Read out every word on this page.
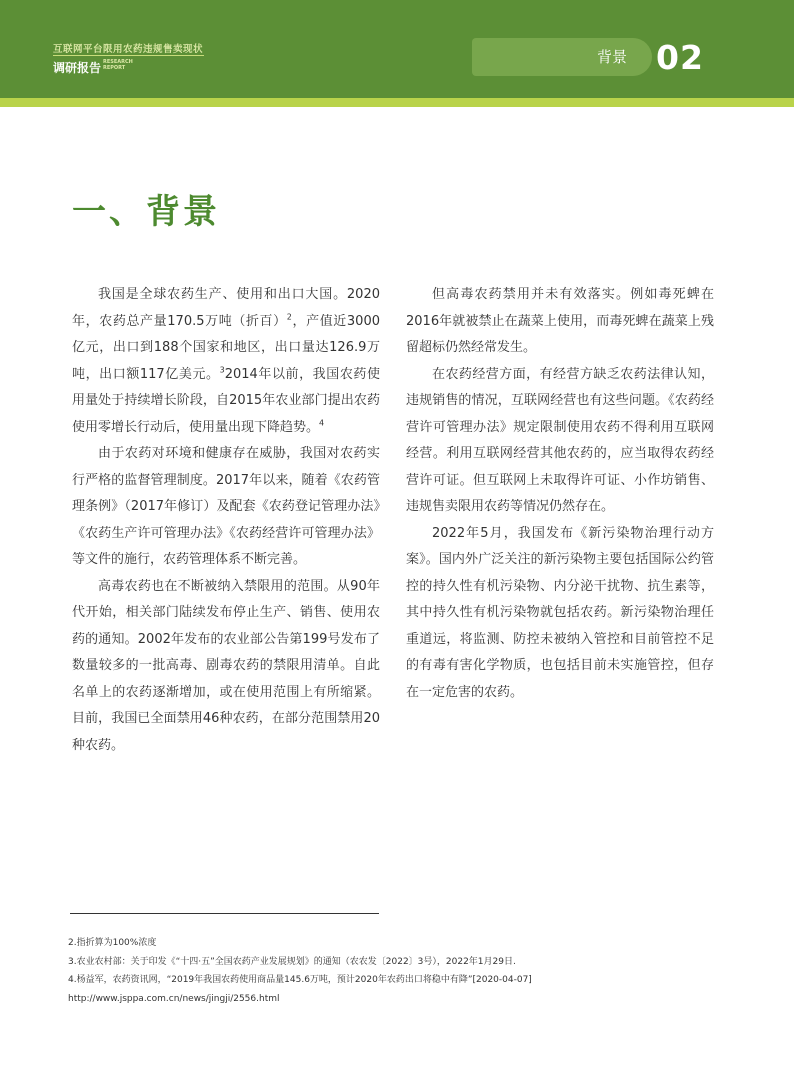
互联网平台限用农药违规售卖现状
调研报告 RESEARCH REPORT
背景 02
一、背景

我国是全球农药生产、使用和出口大国。2020年，农药总产量170.5万吨（折百）$^2$，产值近3000亿元，出口到188个国家和地区，出口量达126.9万吨，出口额117亿美元。$^3$2014年以前，我国农药使用量处于持续增长阶段，自2015年农业部门提出农药使用零增长行动后，使用量出现下降趋势。$^4$

由于农药对环境和健康存在威胁，我国对农药实行严格的监督管理制度。2017年以来，随着《农药管理条例》（2017年修订）及配套《农药登记管理办法》《农药生产许可管理办法》《农药经营许可管理办法》等文件的施行，农药管理体系不断完善。

高毒农药也在不断被纳入禁限用的范围。从90年代开始，相关部门陆续发布停止生产、销售、使用农药的通知。2002年发布的农业部公告第199号发布了数量较多的一批高毒、剧毒农药的禁限用清单。自此名单上的农药逐渐增加，或在使用范围上有所缩紧。目前，我国已全面禁用46种农药，在部分范围禁用20种农药。

但高毒农药禁用并未有效落实。例如毒死蜱在2016年就被禁止在蔬菜上使用，而毒死蜱在蔬菜上残留超标仍然经常发生。

在农药经营方面，有经营方缺乏农药法律认知，违规销售的情况，互联网经营也有这些问题。《农药经营许可管理办法》规定限制使用农药不得利用互联网经营。利用互联网经营其他农药的，应当取得农药经营许可证。但互联网上未取得许可证、小作坊销售、违规售卖限用农药等情况仍然存在。

2022年5月，我国发布《新污染物治理行动方案》。国内外广泛关注的新污染物主要包括国际公约管控的持久性有机污染物、内分泌干扰物、抗生素等，其中持久性有机污染物就包括农药。新污染物治理任重道远，将监测、防控未被纳入管控和目前管控不足的有毒有害化学物质，也包括目前未实施管控，但存在一定危害的农药。

2.指折算为100%浓度
3.农业农村部：关于印发《“十四·五”全国农药产业发展规划》的通知（农农发〔2022〕3号），2022年1月29日.
4.杨益军，农药资讯网，“2019年我国农药使用商品量145.6万吨，预计2020年农药出口将稳中有降”[2020-04-07]
http://www.jsppa.com.cn/news/jingji/2556.html
